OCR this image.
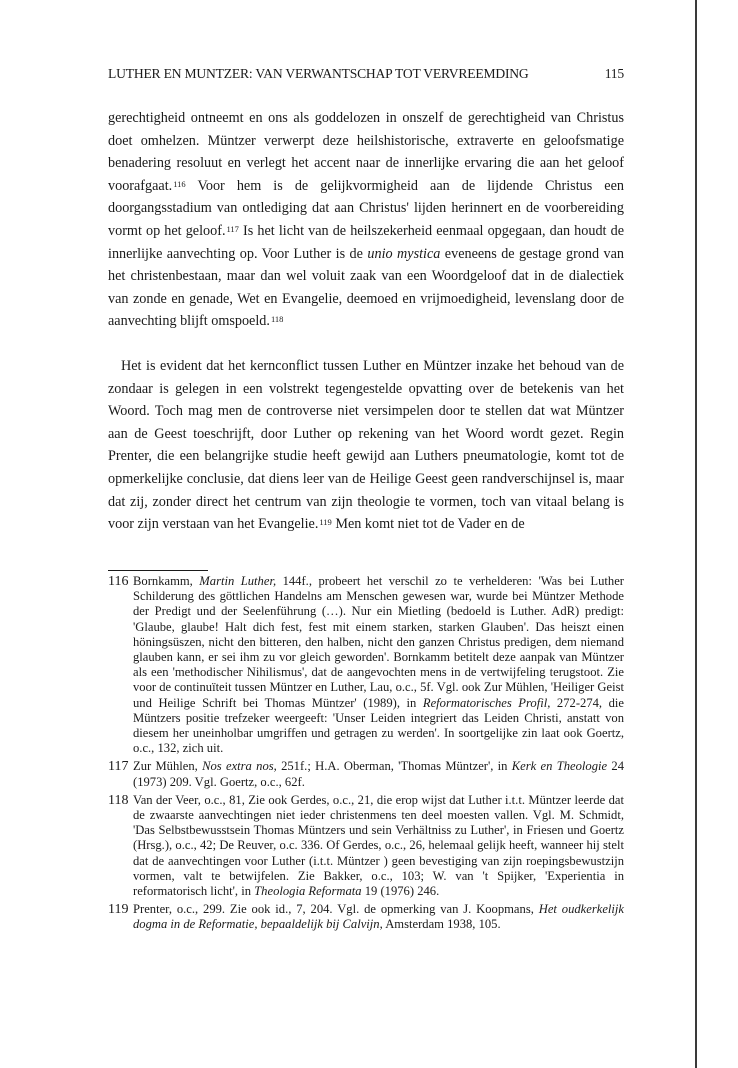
LUTHER EN MUNTZER: VAN VERWANTSCHAP TOT VERVREEMDING	115

gerechtigheid ontneemt en ons als goddelozen in onszelf de gerechtigheid van Christus doet omhelzen. Müntzer verwerpt deze heilshistorische, extraverte en geloofsmatige benadering resoluut en verlegt het accent naar de innerlijke ervaring die aan het geloof voorafgaat.$^{116}$ Voor hem is de gelijkvormigheid aan de lijdende Christus een doorgangsstadium van ontlediging dat aan Christus' lijden herinnert en de voorbereiding vormt op het geloof.$^{117}$ Is het licht van de heilszekerheid eenmaal opgegaan, dan houdt de innerlijke aanvechting op. Voor Luther is de unio mystica eveneens de gestage grond van het christenbestaan, maar dan wel voluit zaak van een Woordgeloof dat in de dialectiek van zonde en genade, Wet en Evangelie, deemoed en vrijmoedigheid, levenslang door de aanvechting blijft omspoeld.$^{118}$

Het is evident dat het kernconflict tussen Luther en Müntzer inzake het behoud van de zondaar is gelegen in een volstrekt tegengestelde opvatting over de betekenis van het Woord. Toch mag men de controverse niet versimpelen door te stellen dat wat Müntzer aan de Geest toeschrijft, door Luther op rekening van het Woord wordt gezet. Regin Prenter, die een belangrijke studie heeft gewijd aan Luthers pneumatologie, komt tot de opmerkelijke conclusie, dat diens leer van de Heilige Geest geen randverschijnsel is, maar dat zij, zonder direct het centrum van zijn theologie te vormen, toch van vitaal belang is voor zijn verstaan van het Evangelie.$^{119}$ Men komt niet tot de Vader en de

116 Bornkamm, Martin Luther, 144f., probeert het verschil zo te verhelderen: 'Was bei Luther Schilderung des göttlichen Handelns am Menschen gewesen war, wurde bei Müntzer Methode der Predigt und der Seelenführung (…). Nur ein Mietling (bedoeld is Luther. AdR) predigt: 'Glaube, glaube! Halt dich fest, fest mit einem starken, starken Glauben'. Das heiszt einen höningsüszen, nicht den bitteren, den halben, nicht den ganzen Christus predigen, dem niemand glauben kann, er sei ihm zu vor gleich geworden'. Bornkamm betitelt deze aanpak van Müntzer als een 'methodischer Nihilismus', dat de aangevochten mens in de vertwijfeling terugstoot. Zie voor de continuïteit tussen Müntzer en Luther, Lau, o.c., 5f. Vgl. ook Zur Mühlen, 'Heiliger Geist und Heilige Schrift bei Thomas Müntzer' (1989), in Reformatorisches Profil, 272-274, die Müntzers positie trefzeker weergeeft: 'Unser Leiden integriert das Leiden Christi, anstatt von diesem her uneinholbar umgriffen und getragen zu werden'. In soortgelijke zin laat ook Goertz, o.c., 132, zich uit.
117 Zur Mühlen, Nos extra nos, 251f.; H.A. Oberman, 'Thomas Müntzer', in Kerk en Theologie 24 (1973) 209. Vgl. Goertz, o.c., 62f.
118 Van der Veer, o.c., 81, Zie ook Gerdes, o.c., 21, die erop wijst dat Luther i.t.t. Müntzer leerde dat de zwaarste aanvechtingen niet ieder christenmens ten deel moesten vallen. Vgl. M. Schmidt, 'Das Selbstbewusstsein Thomas Müntzers und sein Verhältniss zu Luther', in Friesen und Goertz (Hrsg.), o.c., 42; De Reuver, o.c. 336. Of Gerdes, o.c., 26, helemaal gelijk heeft, wanneer hij stelt dat de aanvechtingen voor Luther (i.t.t. Müntzer ) geen bevestiging van zijn roepingsbewustzijn vormen, valt te betwijfelen. Zie Bakker, o.c., 103; W. van 't Spijker, 'Experientia in reformatorisch licht', in Theologia Reformata 19 (1976) 246.
119 Prenter, o.c., 299. Zie ook id., 7, 204. Vgl. de opmerking van J. Koopmans, Het oudkerkelijk dogma in de Reformatie, bepaaldelijk bij Calvijn, Amsterdam 1938, 105.
